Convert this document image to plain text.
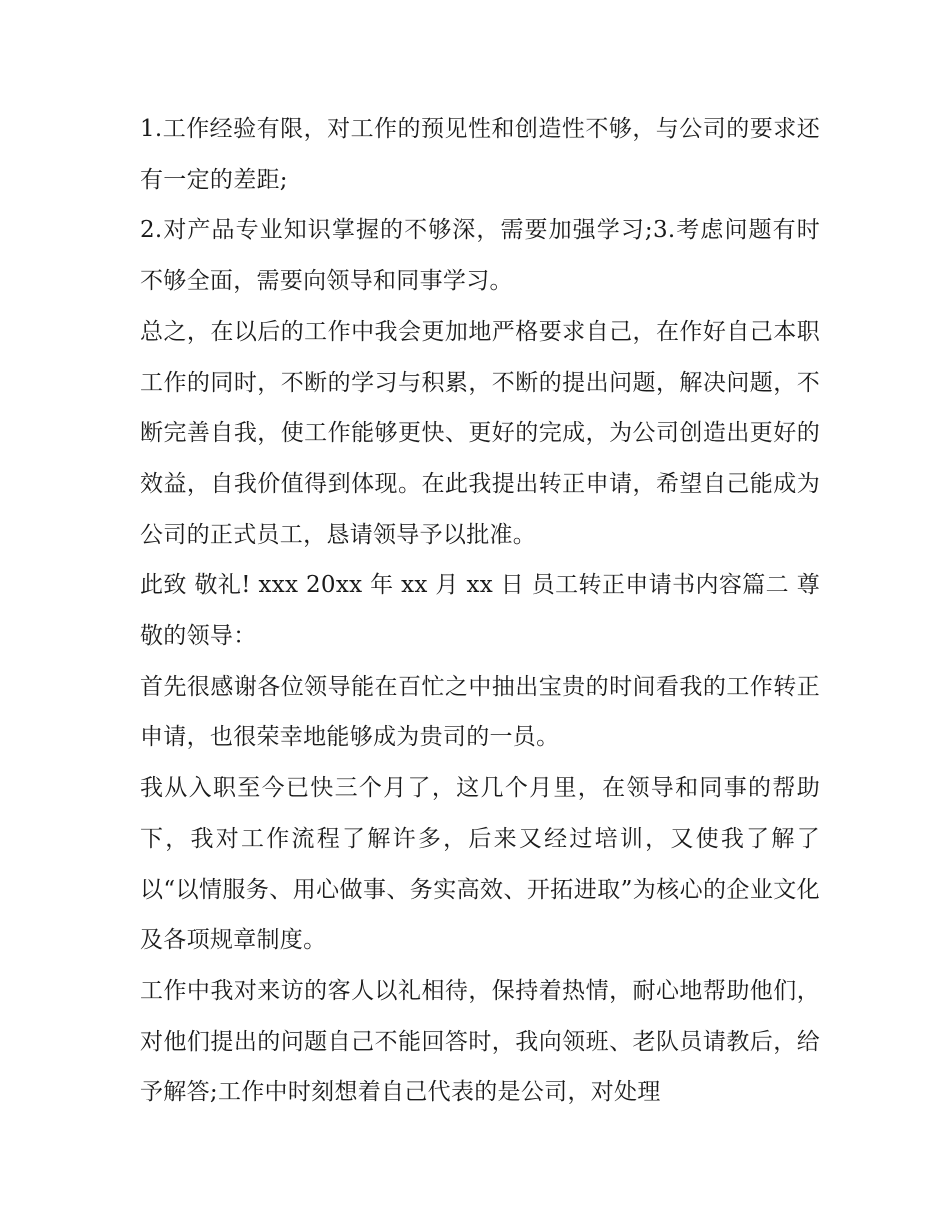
1.工作经验有限，对工作的预见性和创造性不够，与公司的要求还有一定的差距;

2.对产品专业知识掌握的不够深，需要加强学习;3.考虑问题有时不够全面，需要向领导和同事学习。

总之，在以后的工作中我会更加地严格要求自己，在作好自己本职工作的同时，不断的学习与积累，不断的提出问题，解决问题，不断完善自我，使工作能够更快、更好的完成，为公司创造出更好的效益，自我价值得到体现。在此我提出转正申请，希望自己能成为公司的正式员工，恳请领导予以批准。

此致 敬礼! xxx 20xx 年 xx 月 xx 日 员工转正申请书内容篇二 尊敬的领导：

首先很感谢各位领导能在百忙之中抽出宝贵的时间看我的工作转正申请，也很荣幸地能够成为贵司的一员。

我从入职至今已快三个月了，这几个月里，在领导和同事的帮助下，我对工作流程了解许多，后来又经过培训，又使我了解了以“以情服务、用心做事、务实高效、开拓进取”为核心的企业文化及各项规章制度。

工作中我对来访的客人以礼相待，保持着热情，耐心地帮助他们，对他们提出的问题自己不能回答时，我向领班、老队员请教后，给予解答;工作中时刻想着自己代表的是公司，对处理
